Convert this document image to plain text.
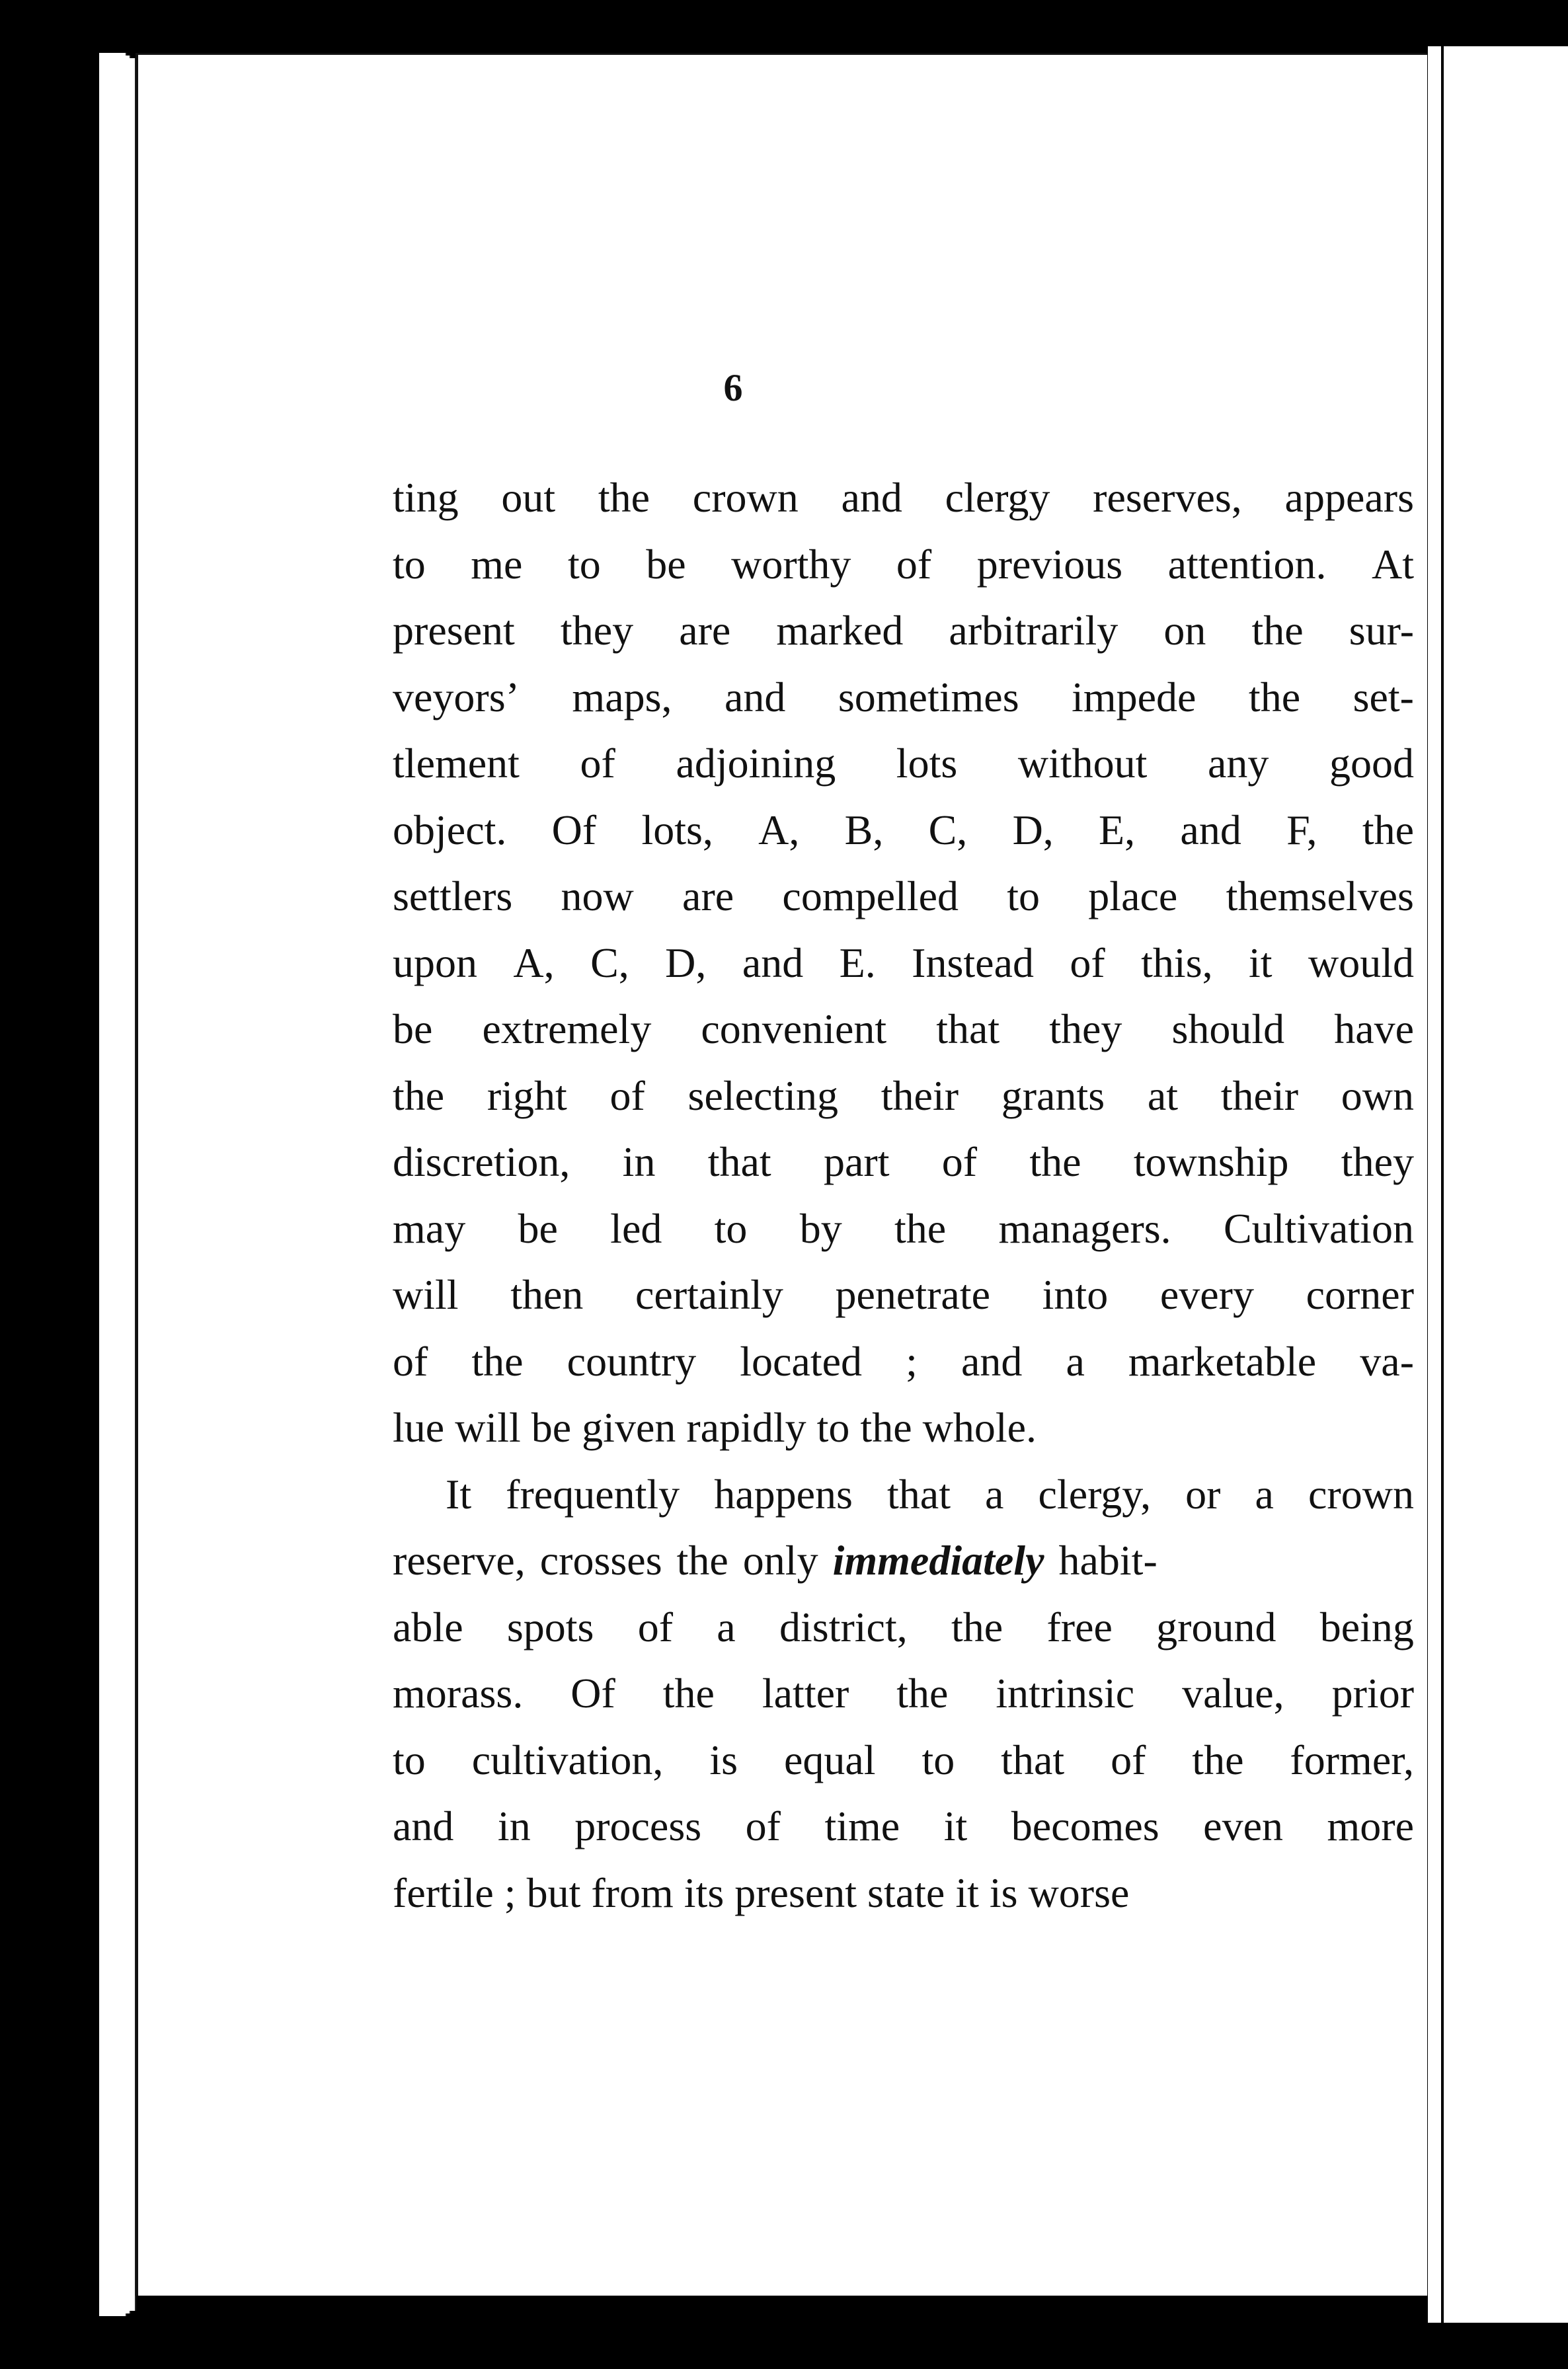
6
ting out the crown and clergy reserves, appears
to me to be worthy of previous attention. At
present they are marked arbitrarily on the sur-
veyors’ maps, and sometimes impede the set-
tlement of adjoining lots without any good
object. Of lots, A, B, C, D, E, and F, the
settlers now are compelled to place themselves
upon A, C, D, and E. Instead of this, it would
be extremely convenient that they should have
the right of selecting their grants at their own
discretion, in that part of the township they
may be led to by the managers. Cultivation
will then certainly penetrate into every corner
of the country located ; and a marketable va-
lue will be given rapidly to the whole.
It frequently happens that a clergy, or a crown
reserve, crosses the only immediately habit-
able spots of a district, the free ground being
morass. Of the latter the intrinsic value, prior
to cultivation, is equal to that of the former,
and in process of time it becomes even more
fertile ; but from its present state it is worse
